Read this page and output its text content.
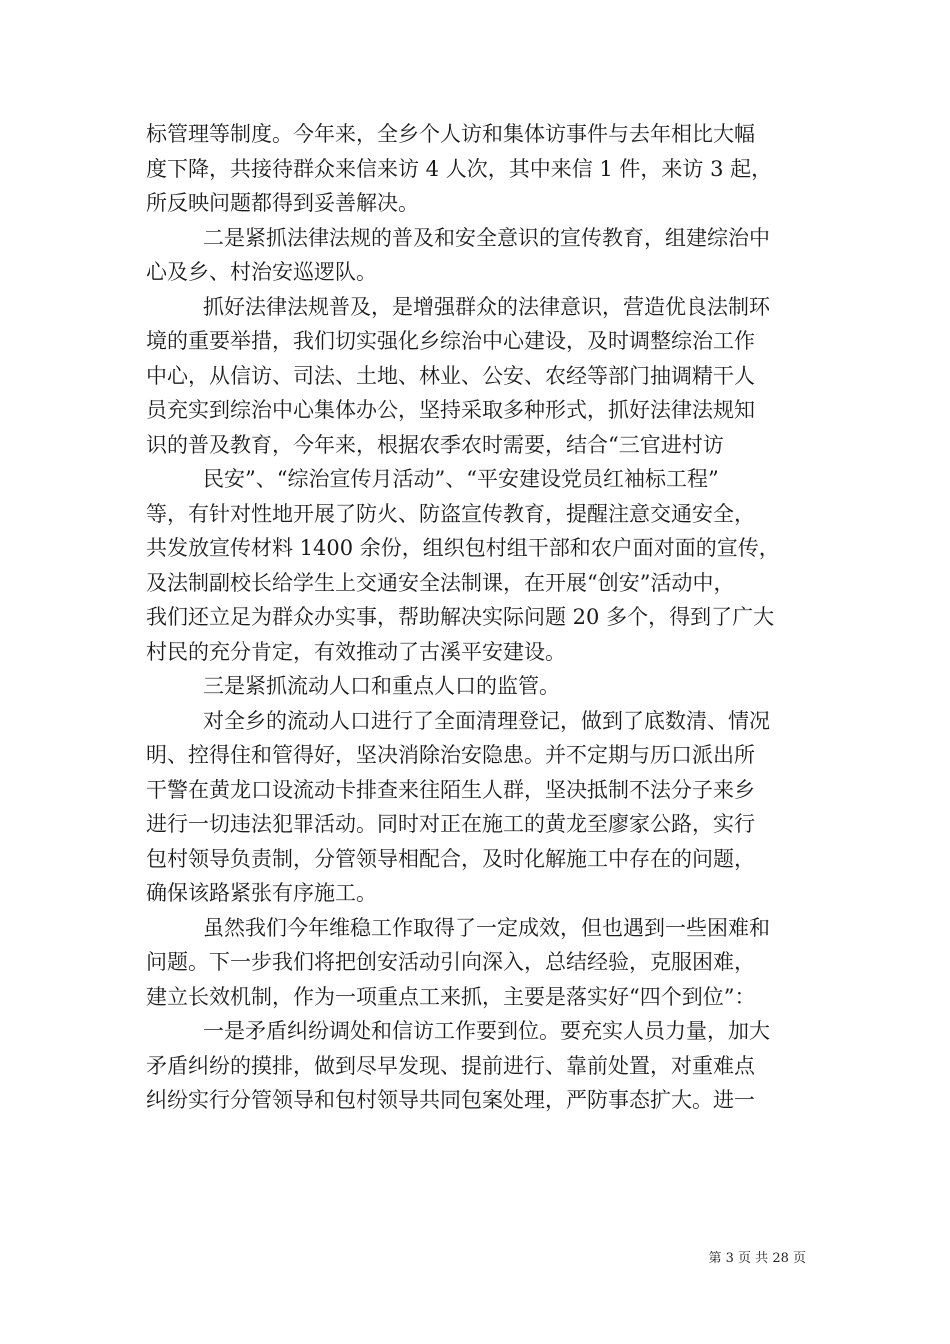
标管理等制度。今年来，全乡个人访和集体访事件与去年相比大幅
度下降，共接待群众来信来访 4 人次，其中来信 1 件，来访 3 起，
所反映问题都得到妥善解决。
二是紧抓法律法规的普及和安全意识的宣传教育，组建综治中
心及乡、村治安巡逻队。
抓好法律法规普及，是增强群众的法律意识，营造优良法制环
境的重要举措，我们切实强化乡综治中心建设，及时调整综治工作
中心，从信访、司法、土地、林业、公安、农经等部门抽调精干人
员充实到综治中心集体办公，坚持采取多种形式，抓好法律法规知
识的普及教育，今年来，根据农季农时需要，结合“三官进村访
民安”、“综治宣传月活动”、“平安建设党员红袖标工程”
等，有针对性地开展了防火、防盗宣传教育，提醒注意交通安全，
共发放宣传材料 1400 余份，组织包村组干部和农户面对面的宣传，
及法制副校长给学生上交通安全法制课，在开展“创安”活动中，
我们还立足为群众办实事，帮助解决实际问题 20 多个，得到了广大
村民的充分肯定，有效推动了古溪平安建设。
三是紧抓流动人口和重点人口的监管。
对全乡的流动人口进行了全面清理登记，做到了底数清、情况
明、控得住和管得好，坚决消除治安隐患。并不定期与历口派出所
干警在黄龙口设流动卡排查来往陌生人群，坚决抵制不法分子来乡
进行一切违法犯罪活动。同时对正在施工的黄龙至廖家公路，实行
包村领导负责制，分管领导相配合，及时化解施工中存在的问题，
确保该路紧张有序施工。
虽然我们今年维稳工作取得了一定成效，但也遇到一些困难和
问题。下一步我们将把创安活动引向深入，总结经验，克服困难，
建立长效机制，作为一项重点工来抓，主要是落实好“四个到位”：
一是矛盾纠纷调处和信访工作要到位。要充实人员力量，加大
矛盾纠纷的摸排，做到尽早发现、提前进行、靠前处置，对重难点
纠纷实行分管领导和包村领导共同包案处理，严防事态扩大。进一
第 3 页 共 28 页
